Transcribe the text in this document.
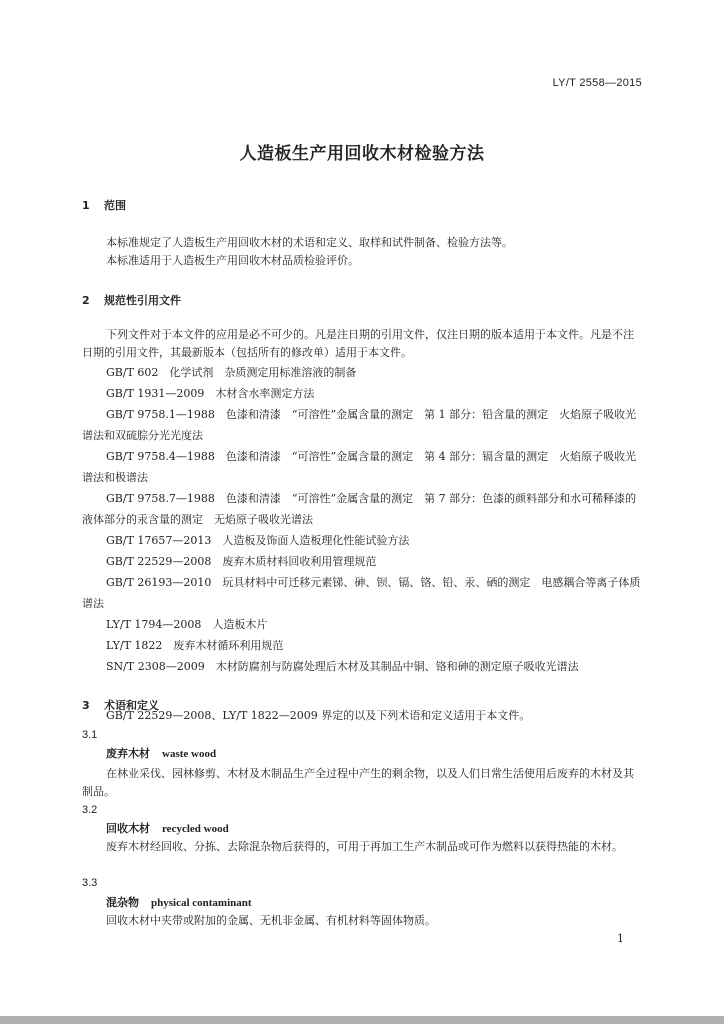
LY/T 2558—2015
人造板生产用回收木材检验方法
1 范围
本标准规定了人造板生产用回收木材的术语和定义、取样和试件制备、检验方法等。
本标准适用于人造板生产用回收木材品质检验评价。
2 规范性引用文件
下列文件对于本文件的应用是必不可少的。凡是注日期的引用文件，仅注日期的版本适用于本文件。凡是不注日期的引用文件，其最新版本（包括所有的修改单）适用于本文件。
GB/T 602　化学试剂　杂质测定用标准溶液的制备
GB/T 1931—2009　木材含水率测定方法
GB/T 9758.1—1988　色漆和清漆　“可溶性”金属含量的测定　第 1 部分：铅含量的测定　火焰原子吸收光谱法和双硫腙分光光度法
GB/T 9758.4—1988　色漆和清漆　“可溶性”金属含量的测定　第 4 部分：镉含量的测定　火焰原子吸收光谱法和极谱法
GB/T 9758.7—1988　色漆和清漆　“可溶性”金属含量的测定　第 7 部分：色漆的颜料部分和水可稀释漆的液体部分的汞含量的测定　无焰原子吸收光谱法
GB/T 17657—2013　人造板及饰面人造板理化性能试验方法
GB/T 22529—2008　废弃木质材料回收利用管理规范
GB/T 26193—2010　玩具材料中可迁移元素锑、砷、钡、镉、铬、铅、汞、硒的测定　电感耦合等离子体质谱法
LY/T 1794—2008　人造板木片
LY/T 1822　废弃木材循环利用规范
SN/T 2308—2009　木材防腐剂与防腐处理后木材及其制品中铜、铬和砷的测定原子吸收光谱法
3 术语和定义
GB/T 22529—2008、LY/T 1822—2009 界定的以及下列术语和定义适用于本文件。
3.1
废弃木材 waste wood
在林业采伐、园林修剪、木材及木制品生产全过程中产生的剩余物，以及人们日常生活使用后废弃的木材及其制品。
3.2
回收木材 recycled wood
废弃木材经回收、分拣、去除混杂物后获得的，可用于再加工生产木制品或可作为燃料以获得热能的木材。
3.3
混杂物 physical contaminant
回收木材中夹带或附加的金属、无机非金属、有机材料等固体物质。
1
